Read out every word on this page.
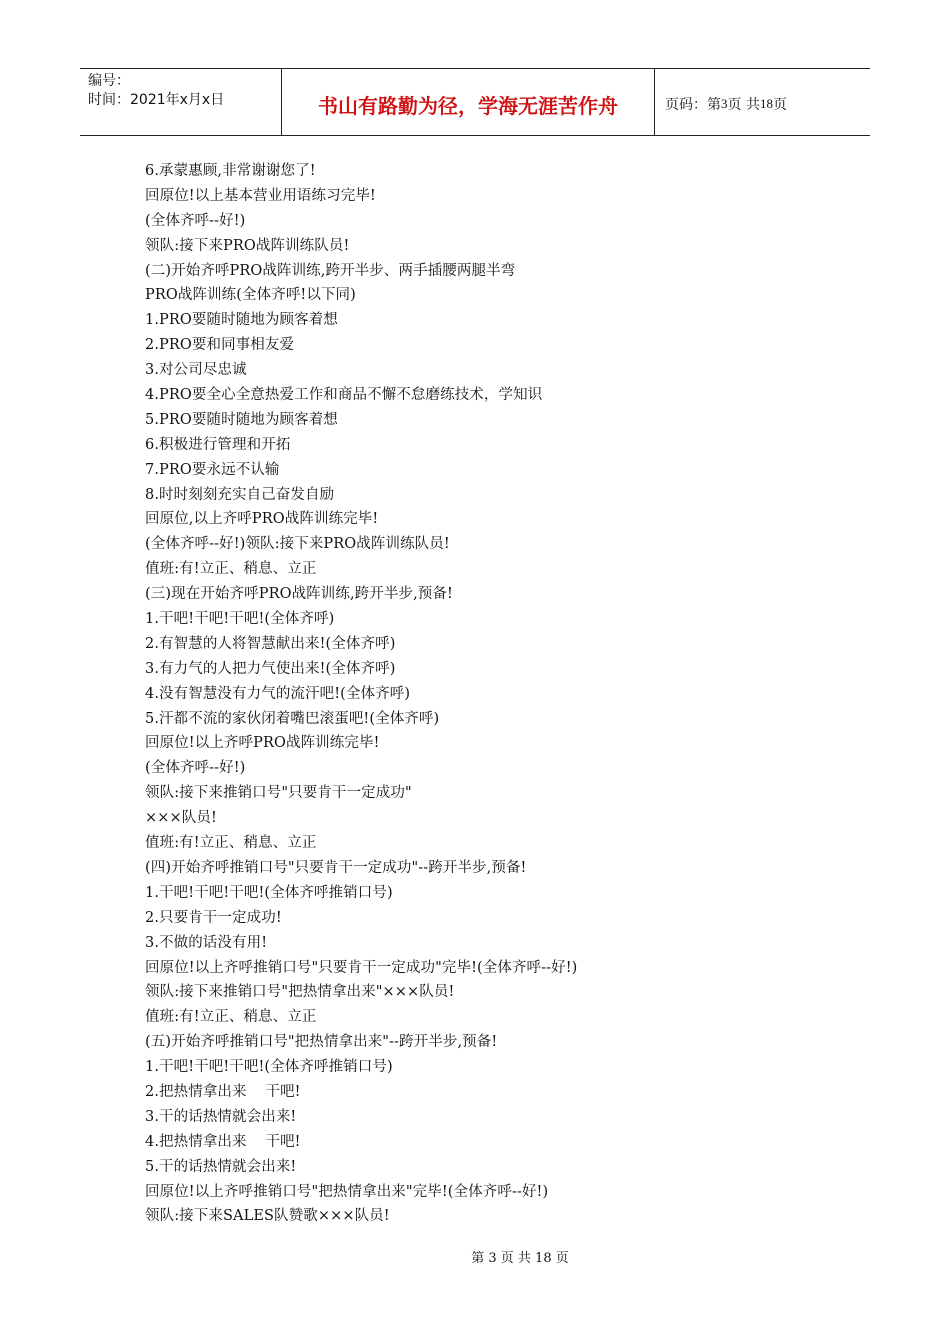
编号：
时间：2021年x月x日	书山有路勤为径，学海无涯苦作舟	页码：第 3 页 共 18 页
6.承蒙惠顾,非常谢谢您了!
回原位!以上基本营业用语练习完毕!
(全体齐呼--好!)
领队:接下来PRO战阵训练队员!
(二)开始齐呼PRO战阵训练,跨开半步、两手插腰两腿半弯
PRO战阵训练(全体齐呼!以下同)
1.PRO要随时随地为顾客着想
2.PRO要和同事相友爱
3.对公司尽忠诚
4.PRO要全心全意热爱工作和商品不懈不怠磨练技术，学知识
5.PRO要随时随地为顾客着想
6.积极进行管理和开拓
7.PRO要永远不认输
8.时时刻刻充实自己奋发自励
回原位,以上齐呼PRO战阵训练完毕!
(全体齐呼--好!)领队:接下来PRO战阵训练队员!
值班:有!立正、稍息、立正
(三)现在开始齐呼PRO战阵训练,跨开半步,预备!
1.干吧!干吧!干吧!(全体齐呼)
2.有智慧的人将智慧献出来!(全体齐呼)
3.有力气的人把力气使出来!(全体齐呼)
4.没有智慧没有力气的流汗吧!(全体齐呼)
5.汗都不流的家伙闭着嘴巴滚蛋吧!(全体齐呼)
回原位!以上齐呼PRO战阵训练完毕!
(全体齐呼--好!)
领队:接下来推销口号"只要肯干一定成功"
×××队员!
值班:有!立正、稍息、立正
(四)开始齐呼推销口号"只要肯干一定成功"--跨开半步,预备!
1.干吧!干吧!干吧!(全体齐呼推销口号)
2.只要肯干一定成功!
3.不做的话没有用!
回原位!以上齐呼推销口号"只要肯干一定成功"完毕!(全体齐呼--好!)
领队:接下来推销口号"把热情拿出来"×××队员!
值班:有!立正、稍息、立正
(五)开始齐呼推销口号"把热情拿出来"--跨开半步,预备!
1.干吧!干吧!干吧!(全体齐呼推销口号)
2.把热情拿出来    干吧!
3.干的话热情就会出来!
4.把热情拿出来    干吧!
5.干的话热情就会出来!
回原位!以上齐呼推销口号"把热情拿出来"完毕!(全体齐呼--好!)
领队:接下来SALES队赞歌×××队员!
第 3 页 共 18 页
